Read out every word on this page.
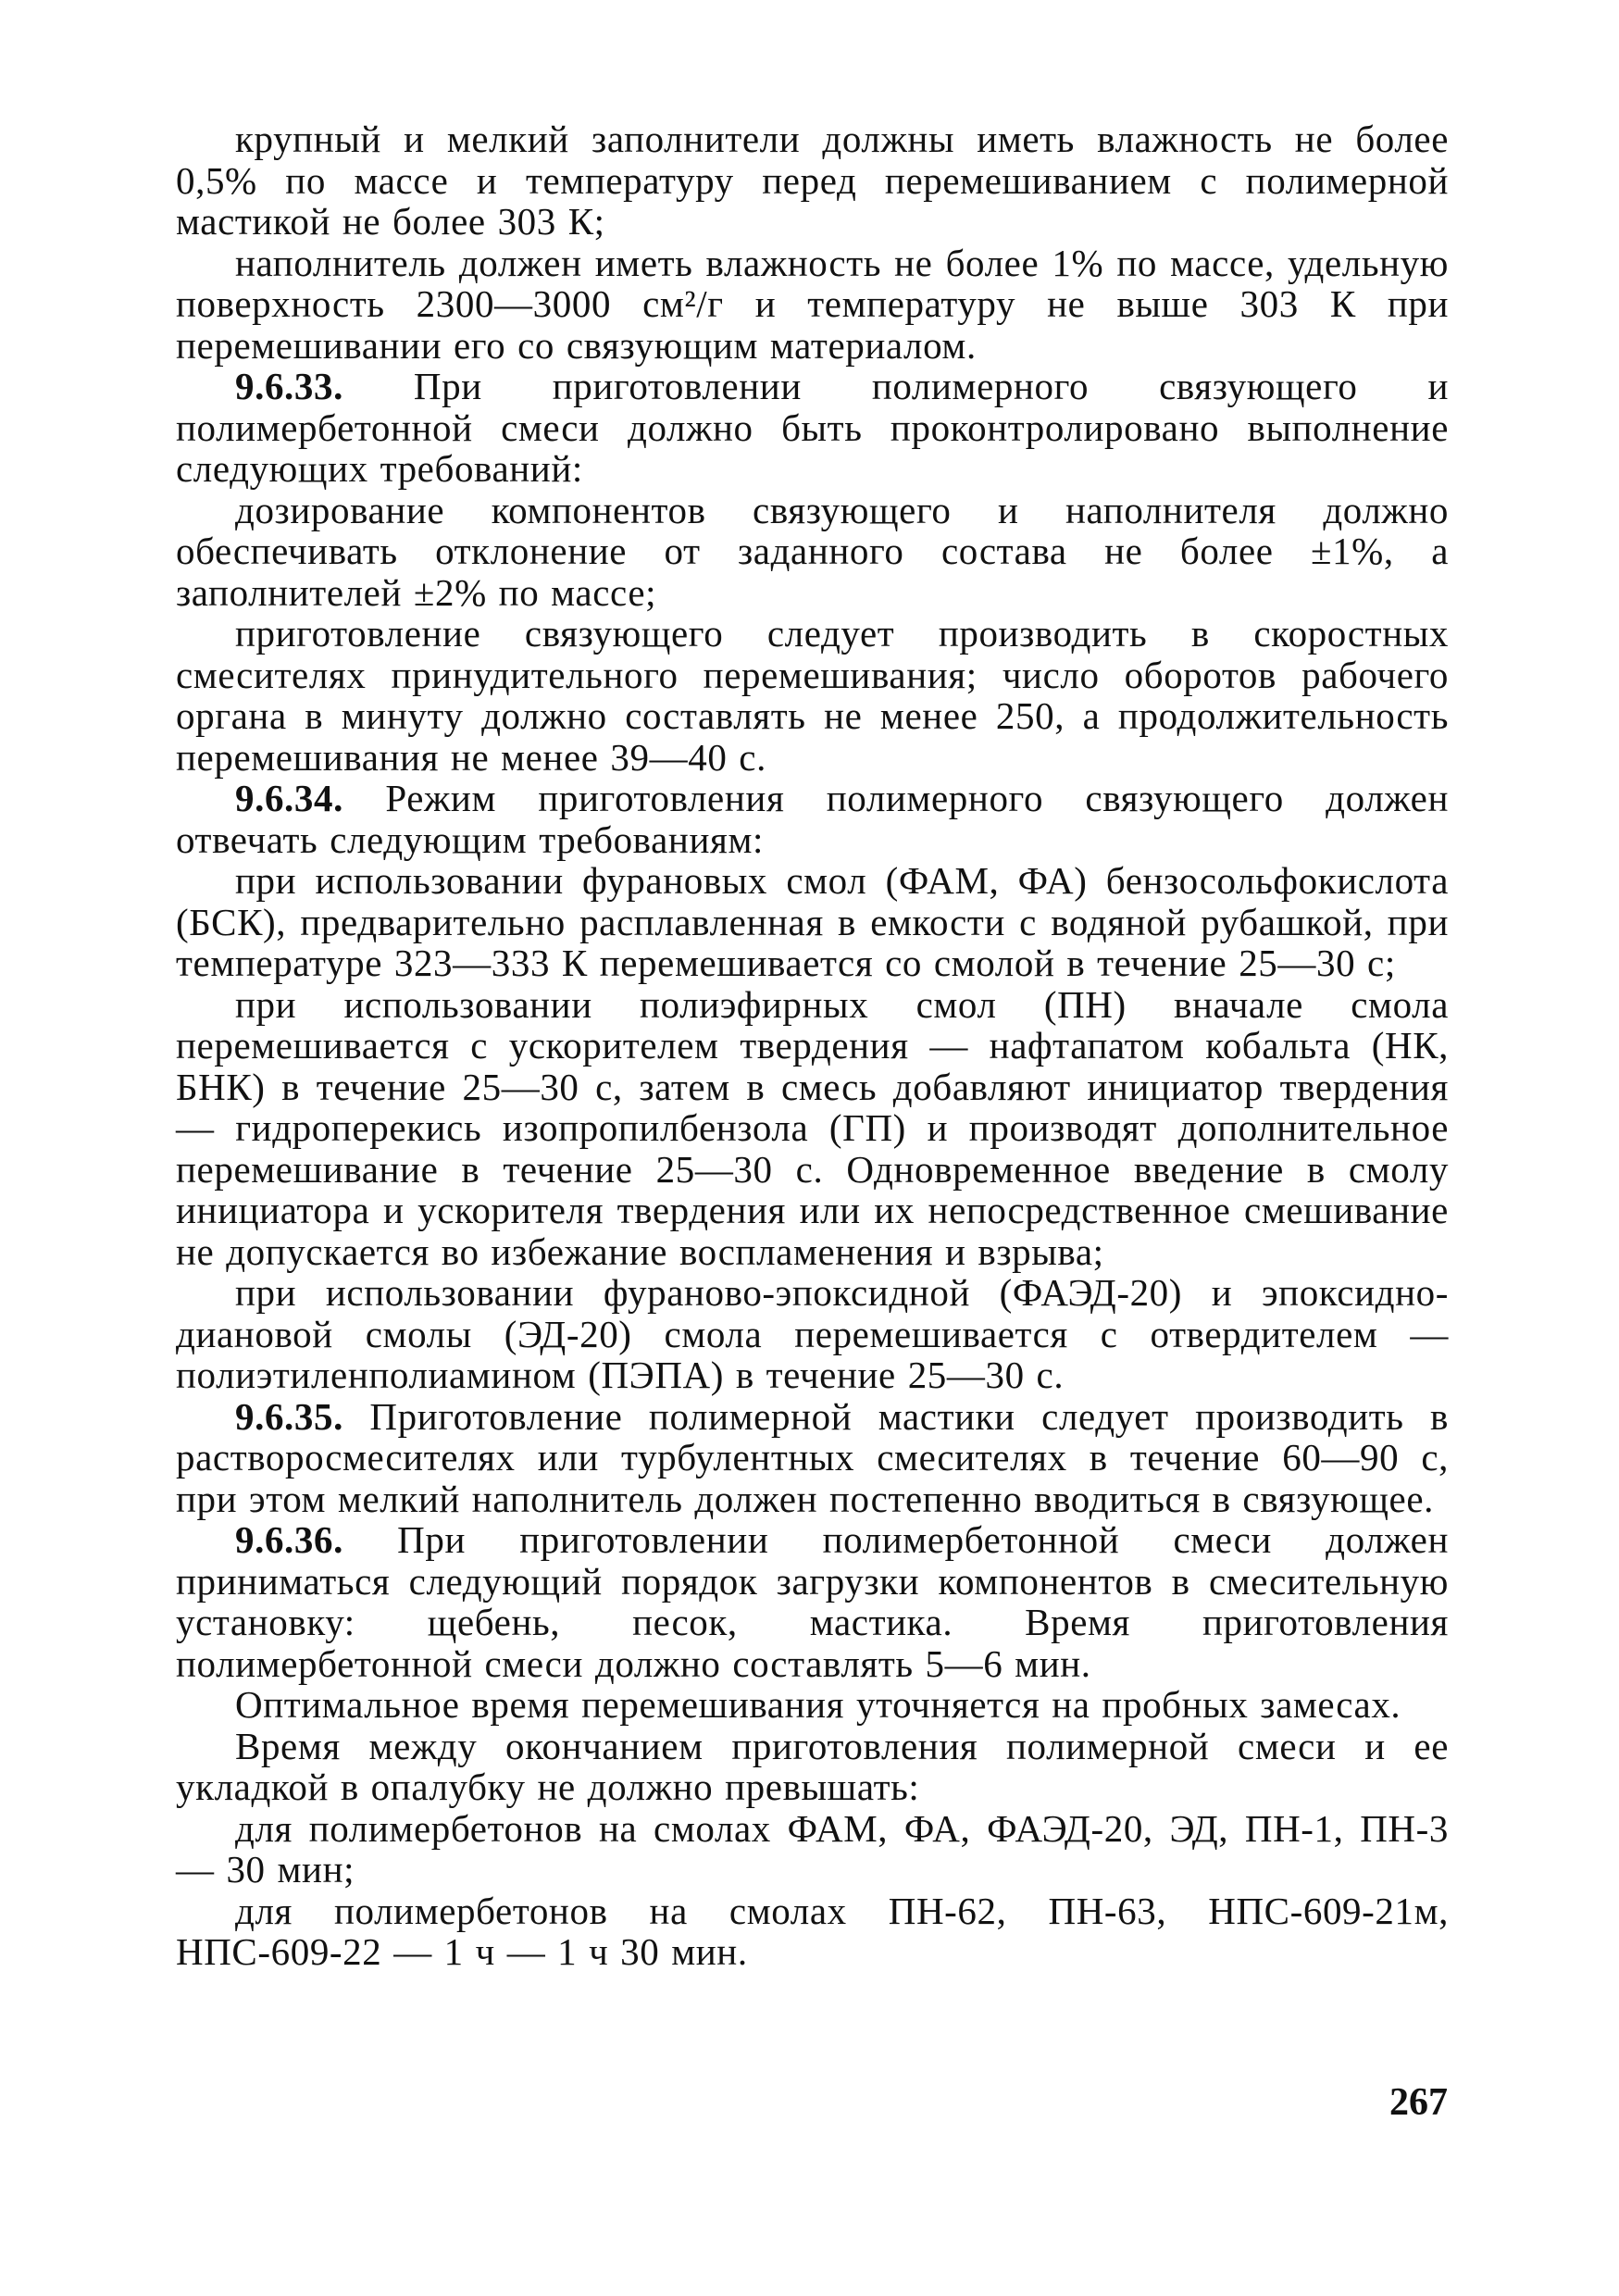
крупный и мелкий заполнители должны иметь влажность не более 0,5% по массе и температуру перед перемешиванием с полимерной мастикой не более 303 К;

наполнитель должен иметь влажность не более 1% по массе, удельную поверхность 2300—3000 см²/г и температуру не выше 303 К при перемешивании его со связующим материалом.

9.6.33. При приготовлении полимерного связующего и полимербетонной смеси должно быть проконтролировано выполнение следующих требований:

дозирование компонентов связующего и наполнителя должно обеспечивать отклонение от заданного состава не более ±1%, а заполнителей ±2% по массе;

приготовление связующего следует производить в скоростных смесителях принудительного перемешивания; число оборотов рабочего органа в минуту должно составлять не менее 250, а продолжительность перемешивания не менее 39—40 с.

9.6.34. Режим приготовления полимерного связующего должен отвечать следующим требованиям:

при использовании фурановых смол (ФАМ, ФА) бензосольфокислота (БСК), предварительно расплавленная в емкости с водяной рубашкой, при температуре 323—333 К перемешивается со смолой в течение 25—30 с;

при использовании полиэфирных смол (ПН) вначале смола перемешивается с ускорителем твердения — нафтапатом кобальта (НК, БНК) в течение 25—30 с, затем в смесь добавляют инициатор твердения — гидроперекись изопропилбензола (ГП) и производят дополнительное перемешивание в течение 25—30 с. Одновременное введение в смолу инициатора и ускорителя твердения или их непосредственное смешивание не допускается во избежание воспламенения и взрыва;

при использовании фураново-эпоксидной (ФАЭД-20) и эпоксидно-диановой смолы (ЭД-20) смола перемешивается с отвердителем — полиэтиленполиамином (ПЭПА) в течение 25—30 с.

9.6.35. Приготовление полимерной мастики следует производить в растворосмесителях или турбулентных смесителях в течение 60—90 с, при этом мелкий наполнитель должен постепенно вводиться в связующее.

9.6.36. При приготовлении полимербетонной смеси должен приниматься следующий порядок загрузки компонентов в смесительную установку: щебень, песок, мастика. Время приготовления полимербетонной смеси должно составлять 5—6 мин.

Оптимальное время перемешивания уточняется на пробных замесах.

Время между окончанием приготовления полимерной смеси и ее укладкой в опалубку не должно превышать:

для полимербетонов на смолах ФАМ, ФА, ФАЭД-20, ЭД, ПН-1, ПН-3 — 30 мин;

для полимербетонов на смолах ПН-62, ПН-63, НПС-609-21м, НПС-609-22 — 1 ч — 1 ч 30 мин.

267
